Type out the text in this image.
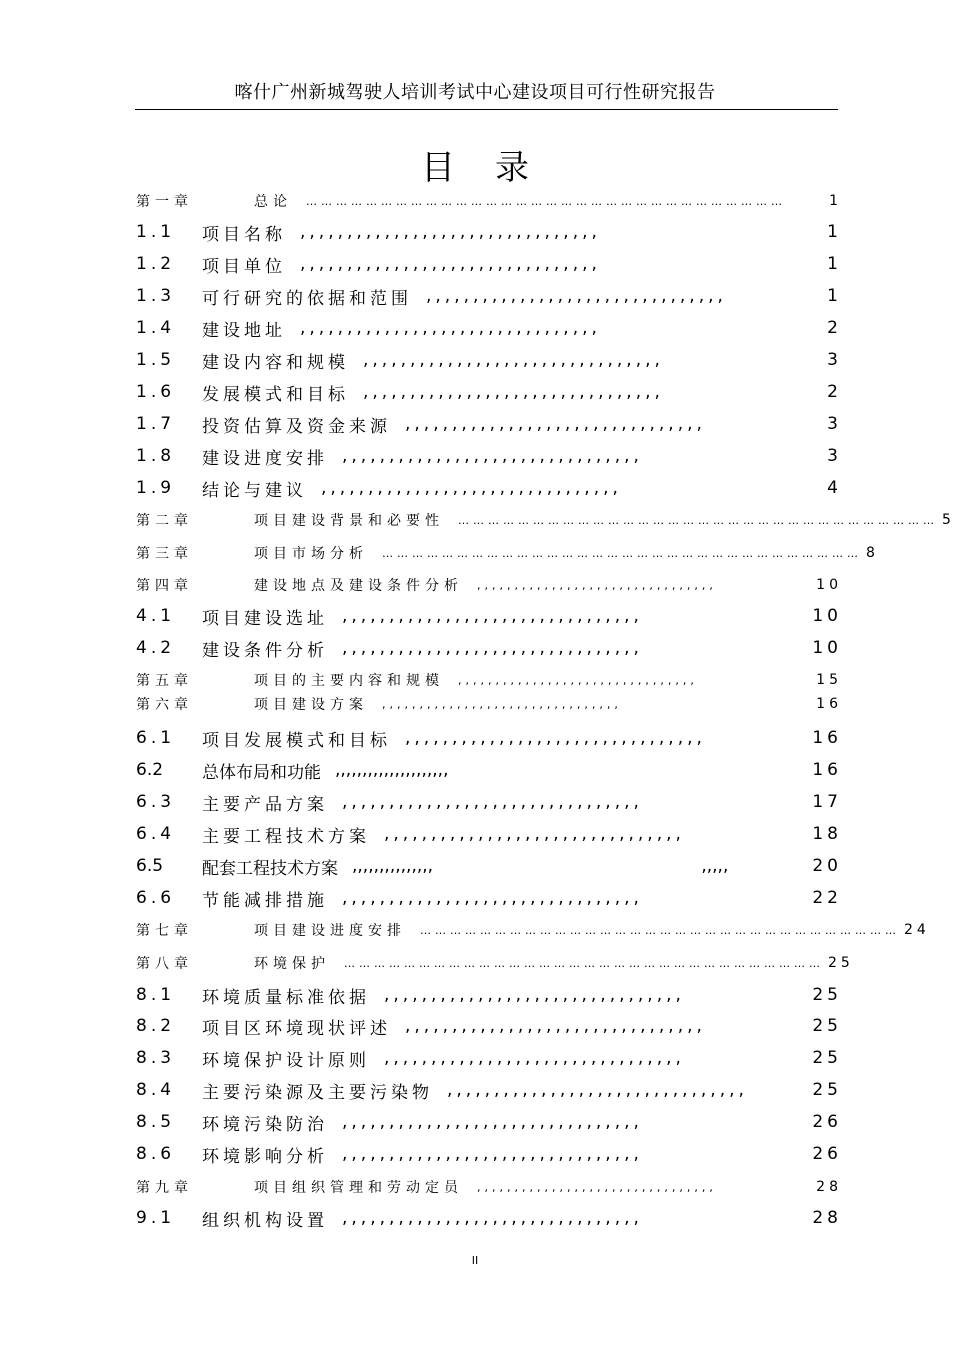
喀什广州新城驾驶人培训考试中心建设项目可行性研究报告
目录
第一章	总论	……………………………………………………………………………………	1
1.1	项目名称 ,,,,,,,,,,,,,,,,,,,,,,,,,,,,,,,,	1
1.2	项目单位 ,,,,,,,,,,,,,,,,,,,,,,,,,,,,,,,,	1
1.3	可行研究的依据和范围 ,,,,,,,,,,,,,,,,,,,,,,,,,,,,,,,,	1
1.4	建设地址 ,,,,,,,,,,,,,,,,,,,,,,,,,,,,,,,,	2
1.5	建设内容和规模 ,,,,,,,,,,,,,,,,,,,,,,,,,,,,,,,,	3
1.6	发展模式和目标 ,,,,,,,,,,,,,,,,,,,,,,,,,,,,,,,,	2
1.7	投资估算及资金来源 ,,,,,,,,,,,,,,,,,,,,,,,,,,,,,,,,	3
1.8	建设进度安排 ,,,,,,,,,,,,,,,,,,,,,,,,,,,,,,,,	3
1.9	结论与建议 ,,,,,,,,,,,,,,,,,,,,,,,,,,,,,,,,	4
第二章	项目建设背景和必要性	…………………………………………………………………………………… 5
第三章	项目市场分析	…………………………………………………………………………………… 8
第四章	建设地点及建设条件分析	,,,,,,,,,,,,,,,,,,,,,,,,,,,,,,,,	10
4.1	项目建设选址 ,,,,,,,,,,,,,,,,,,,,,,,,,,,,,,,,	10
4.2	建设条件分析 ,,,,,,,,,,,,,,,,,,,,,,,,,,,,,,,,	10
第五章	项目的主要内容和规模	,,,,,,,,,,,,,,,,,,,,,,,,,,,,,,,,	15
第六章	项目建设方案	,,,,,,,,,,,,,,,,,,,,,,,,,,,,,,,,	16
6.1	项目发展模式和目标 ,,,,,,,,,,,,,,,,,,,,,,,,,,,,,,,,	16
6.2	总体布局和功能 ,,,,,,,,,,,,,,,,,,,,,	16
6.3	主要产品方案 ,,,,,,,,,,,,,,,,,,,,,,,,,,,,,,,,	17
6.4	主要工程技术方案 ,,,,,,,,,,,,,,,,,,,,,,,,,,,,,,,,	18
6.5	配套工程技术方案 ,,,,,,,,,,,,,,,	,,,,,	20
6.6	节能减排措施 ,,,,,,,,,,,,,,,,,,,,,,,,,,,,,,,,	22
第七章	项目建设进度安排	…………………………………………………………………………………… 24
第八章	环境保护	…………………………………………………………………………………… 25
8.1	环境质量标准依据 ,,,,,,,,,,,,,,,,,,,,,,,,,,,,,,,,	25
8.2	项目区环境现状评述 ,,,,,,,,,,,,,,,,,,,,,,,,,,,,,,,,	25
8.3	环境保护设计原则 ,,,,,,,,,,,,,,,,,,,,,,,,,,,,,,,,	25
8.4	主要污染源及主要污染物 ,,,,,,,,,,,,,,,,,,,,,,,,,,,,,,,,	25
8.5	环境污染防治 ,,,,,,,,,,,,,,,,,,,,,,,,,,,,,,,,	26
8.6	环境影响分析 ,,,,,,,,,,,,,,,,,,,,,,,,,,,,,,,,	26
第九章	项目组织管理和劳动定员	,,,,,,,,,,,,,,,,,,,,,,,,,,,,,,,,	28
9.1	组织机构设置 ,,,,,,,,,,,,,,,,,,,,,,,,,,,,,,,,	28
II
